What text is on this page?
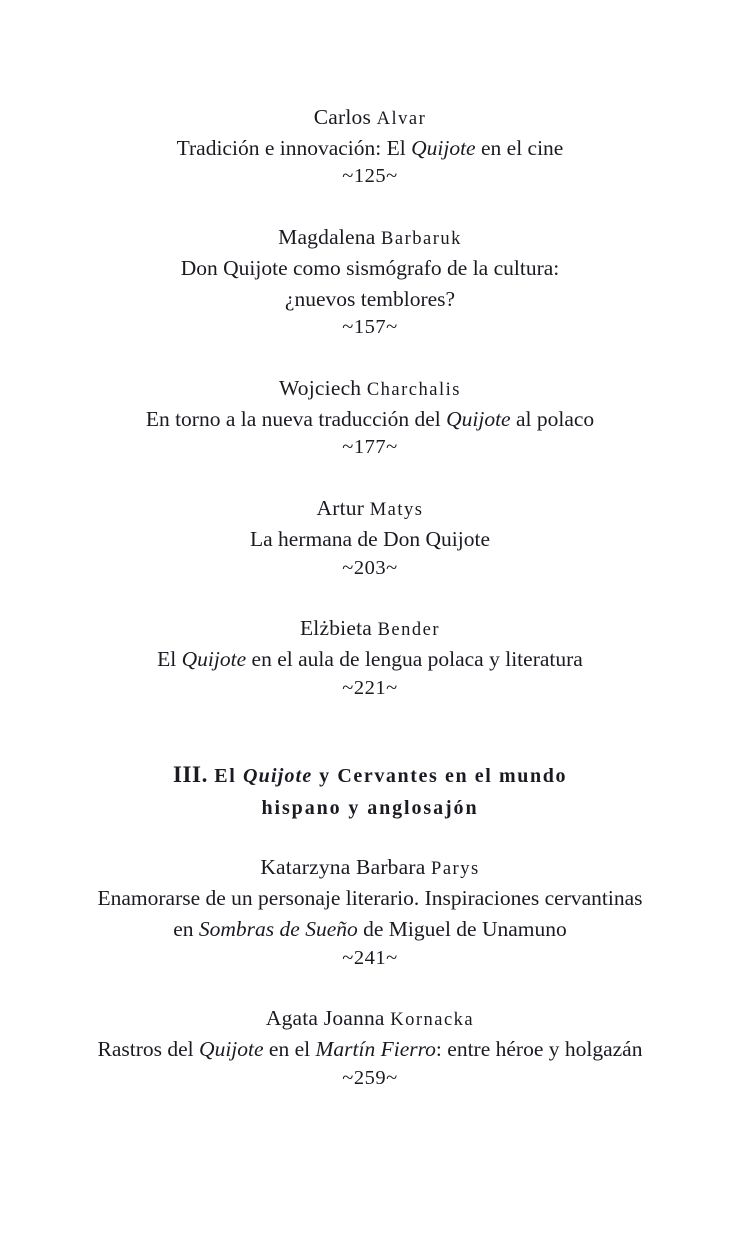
Carlos Alvar
Tradición e innovación: El Quijote en el cine
~125~
Magdalena Barbaruk
Don Quijote como sismógrafo de la cultura:
¿nuevos temblores?
~157~
Wojciech Charchalis
En torno a la nueva traducción del Quijote al polaco
~177~
Artur Matys
La hermana de Don Quijote
~203~
Elżbieta Bender
El Quijote en el aula de lengua polaca y literatura
~221~
III. El Quijote y Cervantes en el mundo
hispano y anglosajón
Katarzyna Barbara Parys
Enamorarse de un personaje literario. Inspiraciones cervantinas
en Sombras de Sueño de Miguel de Unamuno
~241~
Agata Joanna Kornacka
Rastros del Quijote en el Martín Fierro: entre héroe y holgazán
~259~
